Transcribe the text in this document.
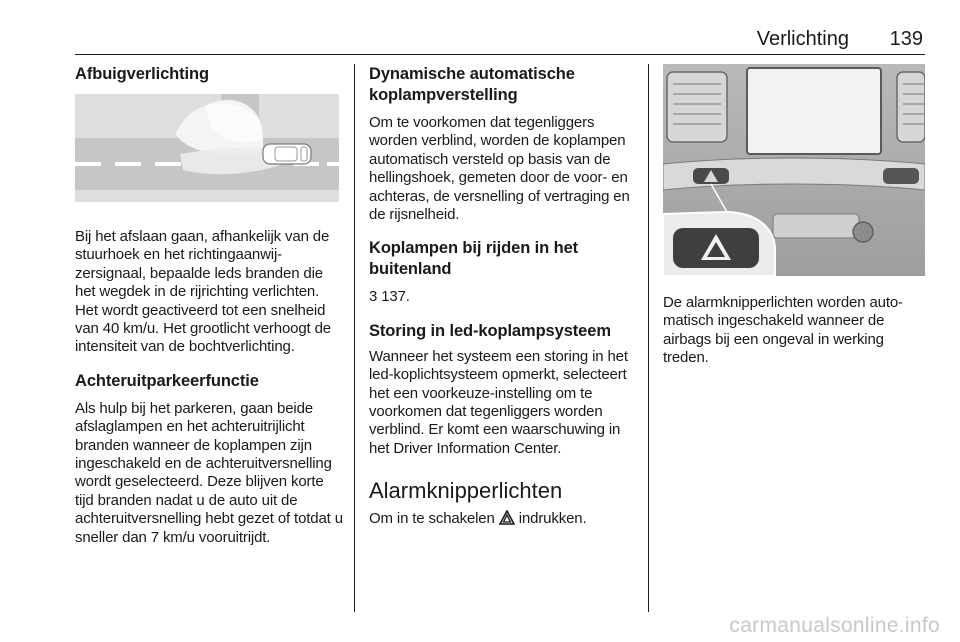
Verlichting 139
Afbuigverlichting

Bij het afslaan gaan, afhankelijk van de stuurhoek en het richtingaanwijzersignaal, bepaalde leds branden die het wegdek in de rijrichting verlichten. Het wordt geactiveerd tot een snelheid van 40 km/u. Het grootlicht verhoogt de intensiteit van de bochtverlichting.

Achteruitparkeerfunctie

Als hulp bij het parkeren, gaan beide afslaglampen en het achteruitrijlicht branden wanneer de koplampen zijn ingeschakeld en de achteruitversnelling wordt geselecteerd. Deze blijven korte tijd branden nadat u de auto uit de achteruitversnelling hebt gezet of totdat u sneller dan 7 km/u vooruitrijdt.

Dynamische automatische koplampverstelling

Om te voorkomen dat tegenliggers worden verblind, worden de koplampen automatisch versteld op basis van de hellingshoek, gemeten door de voor- en achteras, de versnelling of vertraging en de rijsnelheid.

Koplampen bij rijden in het buitenland

3 137.

Storing in led-koplampsysteem

Wanneer het systeem een storing in het led-koplichtsysteem opmerkt, selecteert het een voorkeuze-instelling om te voorkomen dat tegenliggers worden verblind. Er komt een waarschuwing in het Driver Information Center.

Alarmknipperlichten

Om in te schakelen indrukken.

De alarmknipperlichten worden automatisch ingeschakeld wanneer de airbags bij een ongeval in werking treden.

carmanualsonline.info
